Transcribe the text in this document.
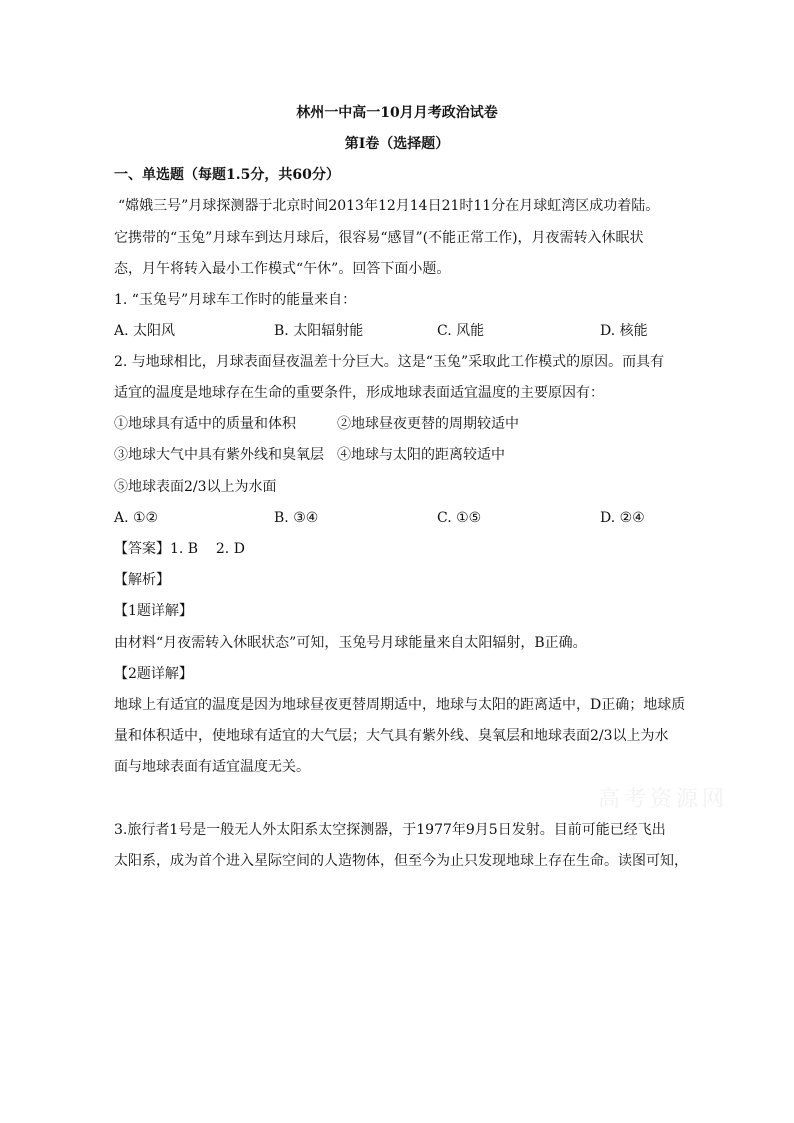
林州一中高一10月月考政治试卷
第I卷（选择题）
一、单选题（每题1.5分，共60分）
“嫦娥三号”月球探测器于北京时间2013年12月14日21时11分在月球虹湾区成功着陆。
它携带的“玉兔”月球车到达月球后，很容易“感冒”(不能正常工作)，月夜需转入休眠状
态，月午将转入最小工作模式“午休”。回答下面小题。
1. “玉兔号”月球车工作时的能量来自：
A. 太阳风	B. 太阳辐射能	C. 风能	D. 核能
2. 与地球相比，月球表面昼夜温差十分巨大。这是“玉兔”采取此工作模式的原因。而具有
适宜的温度是地球存在生命的重要条件，形成地球表面适宜温度的主要原因有：
①地球具有适中的质量和体积	②地球昼夜更替的周期较适中
③地球大气中具有紫外线和臭氧层 ④地球与太阳的距离较适中
⑤地球表面2/3以上为水面
A. ①②	B. ③④	C. ①⑤	D. ②④
【答案】1. B    2. D
【解析】
【1题详解】
由材料“月夜需转入休眠状态”可知，玉兔号月球能量来自太阳辐射，B正确。
【2题详解】
地球上有适宜的温度是因为地球昼夜更替周期适中，地球与太阳的距离适中，D正确；地球质
量和体积适中，使地球有适宜的大气层；大气具有紫外线、臭氧层和地球表面2/3以上为水
面与地球表面有适宜温度无关。
高考资源网
3.旅行者1号是一般无人外太阳系太空探测器，于1977年9月5日发射。目前可能已经飞出
太阳系，成为首个进入星际空间的人造物体，但至今为止只发现地球上存在生命。读图可知，
